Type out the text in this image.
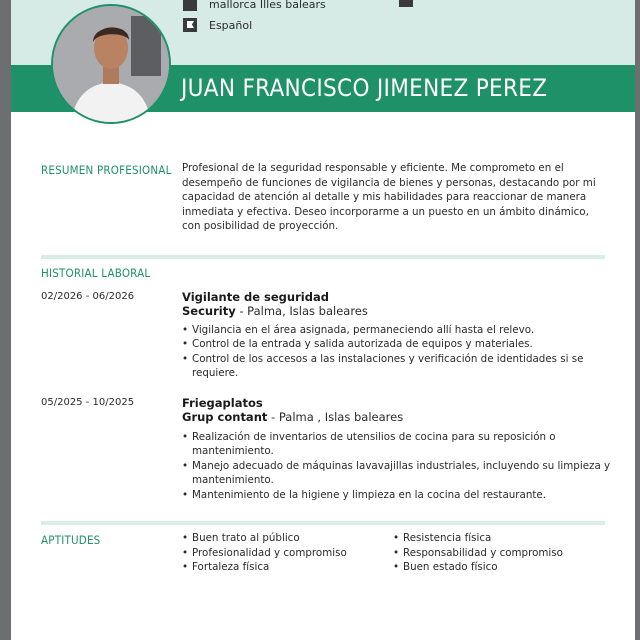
mallorca Illes balears
Español
JUAN FRANCISCO JIMENEZ PEREZ
RESUMEN PROFESIONAL Profesional de la seguridad responsable y eficiente. Me comprometo en el desempeño de funciones de vigilancia de bienes y personas, destacando por mi capacidad de atención al detalle y mis habilidades para reaccionar de manera inmediata y efectiva. Deseo incorporarme a un puesto en un ámbito dinámico, con posibilidad de proyección.
HISTORIAL LABORAL
02/2026 - 06/2026	Vigilante de seguridad
Security - Palma, Islas baleares
• Vigilancia en el área asignada, permaneciendo allí hasta el relevo.
• Control de la entrada y salida autorizada de equipos y materiales.
• Control de los accesos a las instalaciones y verificación de identidades si se requiere.
05/2025 - 10/2025	Friegaplatos
Grup contant - Palma , Islas baleares
• Realización de inventarios de utensilios de cocina para su reposición o mantenimiento.
• Manejo adecuado de máquinas lavavajillas industriales, incluyendo su limpieza y mantenimiento.
• Mantenimiento de la higiene y limpieza en la cocina del restaurante.
APTITUDES
•	Buen trato al público
• Profesionalidad y compromiso
• Fortaleza física
• Resistencia física
• Responsabilidad y compromiso
• Buen estado físico
